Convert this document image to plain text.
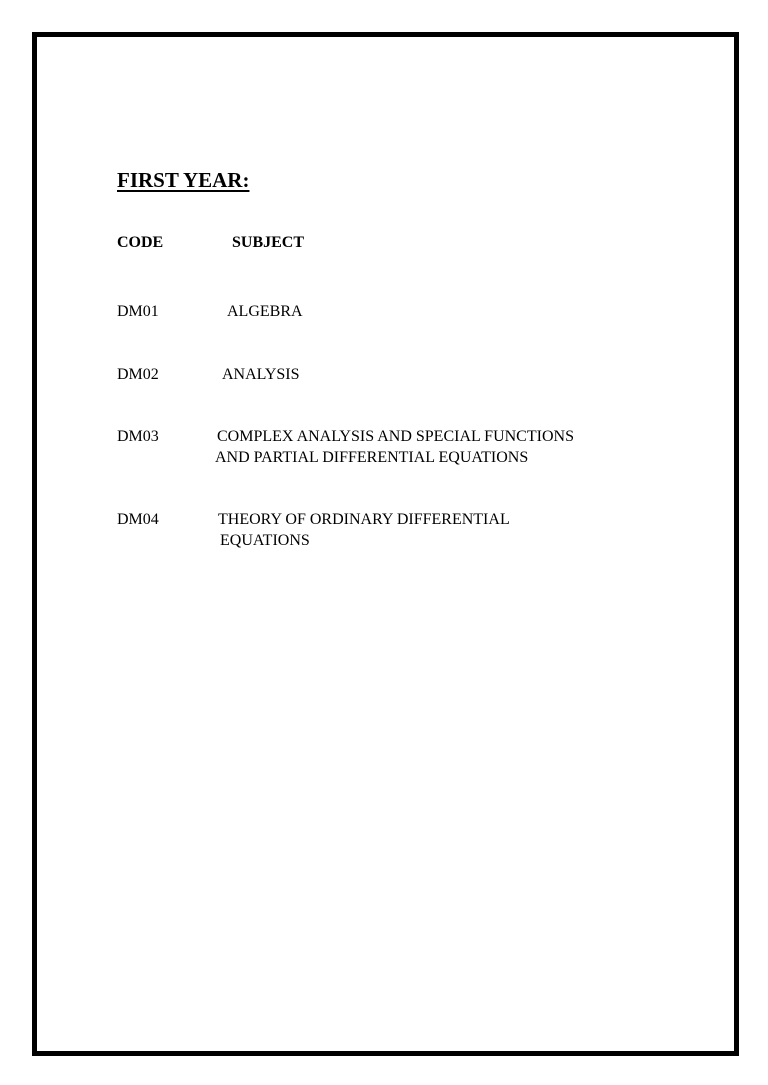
FIRST YEAR:
CODE	SUBJECT
DM01	ALGEBRA
DM02	ANALYSIS
DM03	COMPLEX ANALYSIS AND SPECIAL FUNCTIONS
AND PARTIAL DIFFERENTIAL EQUATIONS
DM04	THEORY OF ORDINARY DIFFERENTIAL
EQUATIONS
